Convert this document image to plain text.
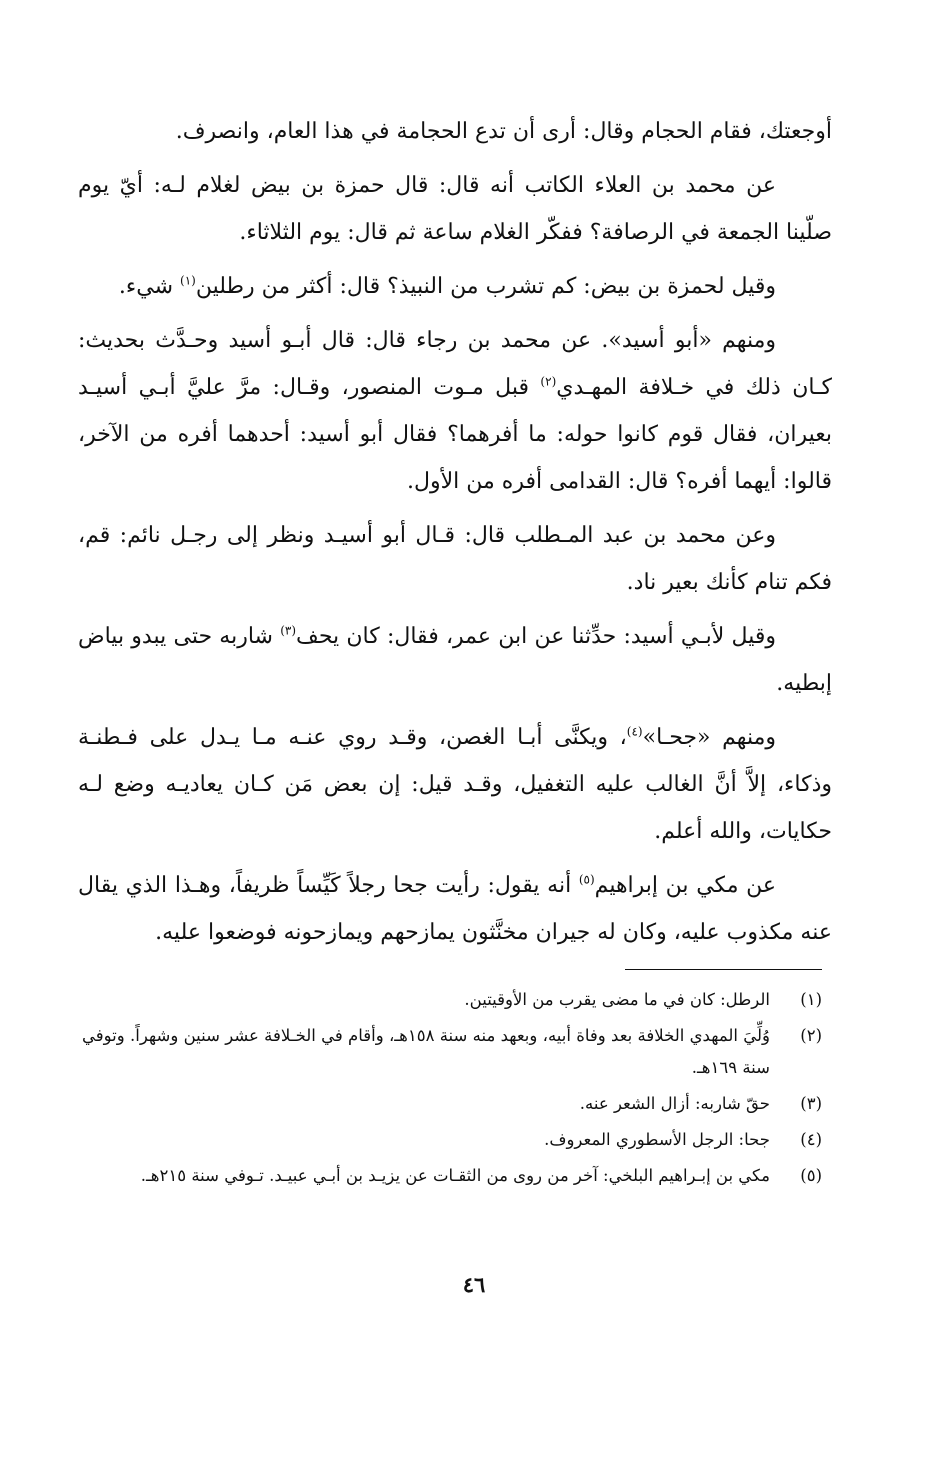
أوجعتك، فقام الحجام وقال: أرى أن تدع الحجامة في هذا العام، وانصرف.

عن محمد بن العلاء الكاتب أنه قال: قال حمزة بن بيض لغلام لـه: أيّ يوم صلّينا الجمعة في الرصافة؟ ففكّر الغلام ساعة ثم قال: يوم الثلاثاء.

وقيل لحمزة بن بيض: كم تشرب من النبيذ؟ قال: أكثر من رطلين$^{(١)}$ شيء.

ومنهم «أبو أسيد». عن محمد بن رجاء قال: قال أبـو أسيد وحـدَّث بحديث: كـان ذلك في خـلافة المهـدي$^{(٢)}$ قبل مـوت المنصور، وقـال: مرَّ عليَّ أبـي أسيـد بعيران، فقال قوم كانوا حوله: ما أفرهما؟ فقال أبو أسيد: أحدهما أفره من الآخر، قالوا: أيهما أفره؟ قال: القدامى أفره من الأول.

وعن محمد بن عبد المـطلب قال: قـال أبو أسيـد ونظر إلى رجـل نائم: قم، فكم تنام كأنك بعير ناد.

وقيل لأبـي أسيد: حدِّثنا عن ابن عمر، فقال: كان يحف$^{(٣)}$ شاربه حتى يبدو بياض إبطيه.

ومنهم «جحـا»$^{(٤)}$، ويكنَّى أبـا الغصن، وقـد روي عنـه مـا يـدل على فـطنـة وذكاء، إلاَّ أنَّ الغالب عليه التغفيل، وقـد قيل: إن بعض مَن كـان يعاديـه وضع لـه حكايات، والله أعلم.

عن مكي بن إبراهيم$^{(٥)}$ أنه يقول: رأيت جحا رجلاً كَيِّساً ظريفاً، وهـذا الذي يقال عنه مكذوب عليه، وكان له جيران مخنَّثون يمازحهم ويمازحونه فوضعوا عليه.

(١)
الرطل: كان في ما مضى يقرب من الأوقيتين.
(٢)
وُلِّيَ المهدي الخلافة بعد وفاة أبيه، وبعهد منه سنة ١٥٨هـ، وأقام في الخـلافة عشر سنين وشهراً. وتوفي سنة ١٦٩هـ.
(٣)
حقّ شاربه: أزال الشعر عنه.
(٤)
جحا: الرجل الأسطوري المعروف.
(٥)
مكي بن إبـراهيم البلخي: آخر من روى من الثقـات عن يزيـد بن أبـي عبيـد. تـوفي سنة ٢١٥هـ.
٤٦
